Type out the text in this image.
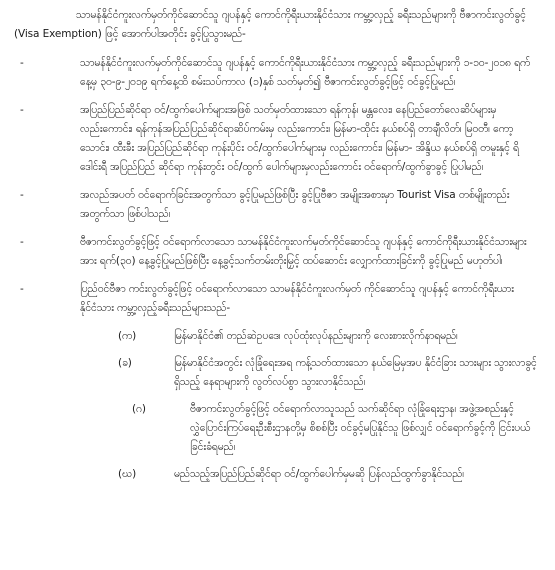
သာမန်နိုင်ငံကူးလက်မှတ်ကိုင်ဆောင်သူ ဂျပန်နှင့် ကောင်ကိုရီးယားနိုင်ငံသား ကမ္ဘာ့လှည့် ခရီးသည်များကို ဗီဇာကင်းလွတ်ခွင့် (Visa Exemption) ဖြင့် အောက်ပါအတိုင်း ခွင့်ပြုသွားမည်-

-	သာမန်နိုင်ငံကူးလက်မှတ်ကိုင်ဆောင်သူ ဂျပန်နှင့် ကောင်ကိုရီးယားနိုင်ငံသား ကမ္ဘာ့လှည့် ခရီးသည်များကို ၁-၁၀-၂၀၁၈ ရက်နေ့မှ ၃၀-၉-၂၀၁၉ ရက်နေ့ထိ စမ်းသပ်ကာလ (၁)နှစ် သတ်မှတ်၍ ဗီဇာကင်းလွတ်ခွင့်ဖြင့် ဝင်ခွင့်ပြုမည်၊
-	အပြည်ပြည်ဆိုင်ရာ ဝင်/ထွက်ပေါက်များအဖြစ် သတ်မှတ်ထားသော ရန်ကုန်၊ မန္တလေး၊ နေပြည်တော်လေဆိပ်များမှ လည်းကောင်း၊ ရန်ကုန်အပြည်ပြည်ဆိုင်ရာဆိပ်ကမ်းမှ လည်းကောင်း၊ မြန်မာ-ထိုင်း နယ်စပ်ရှိ တာချီလိတ်၊ မြဝတီ၊ ကော့သောင်း၊ ထီးခီး အပြည်ပြည်ဆိုင်ရာ ကုန်းပိုင်း ဝင်/ထွက်ပေါက်များမှ လည်းကောင်း၊ မြန်မာ- အိန္ဒိယ နယ်စပ်ရှိ တမူးနှင့် ရိဒေါင်းရီ အပြည်ပြည် ဆိုင်ရာ ကုန်းတွင်း ဝင်/ထွက် ပေါက်များမှလည်းကောင်း ဝင်ရောက်/ထွက်ခွာခွင့် ပြုပါမည်၊
-	အလည်အပတ် ဝင်ရောက်ခြင်းအတွက်သာ ခွင့်ပြုမည်ဖြစ်ပြီး ခွင့်ပြုဗီဇာ အမျိုးအစားမှာ Tourist Visa တစ်မျိုးတည်းအတွက်သာ ဖြစ်ပါသည်၊
-	ဗီဇာကင်းလွတ်ခွင့်ဖြင့် ဝင်ရောက်လာသော သာမန်နိုင်ငံကူးလက်မှတ်ကိုင်ဆောင်သူ ဂျပန်နှင့် ကောင်ကိုရီးယားနိုင်ငံသားများအား ရက်(၃၀) နေ့ခွင့်ပြုမည်ဖြစ်ပြီး နေ့ခွင့်သက်တမ်းတိုးမြှင့် ထပ်ဆောင်း လျှောက်ထားခြင်းကို ခွင့်ပြုမည် မဟုတ်ပါ၊
-	ပြည်ဝင်ဗီဇာ ကင်းလွတ်ခွင့်ဖြင့် ဝင်ရောက်လာသော သာမန်နိုင်ငံကူးလက်မှတ် ကိုင်ဆောင်သူ ဂျပန်နှင့် ကောင်ကိုရီးယားနိုင်ငံသား ကမ္ဘာ့လှည့်ခရီးသည်များသည်-
(က)	မြန်မာနိုင်ငံ၏ တည်ဆဲဥပဒေ၊ လုပ်ထုံးလုပ်နည်းများကို လေးစားလိုက်နာရမည်၊
(ခ)	မြန်မာနိုင်ငံအတွင်း လုံခြုံရေးအရ ကန့်သတ်ထားသော နယ်မြေမှအပ နိုင်ငံခြား သားများ သွားလာခွင့်ရှိသည့် နေရာများကို လွတ်လပ်စွာ သွားလာနိုင်သည်၊
(ဂ)	ဗီဇာကင်းလွတ်ခွင့်ဖြင့် ဝင်ရောက်လာသူသည် သက်ဆိုင်ရာ လုံခြုံရေးဌာန၊ အဖွဲ့အစည်းနှင့်လွှဲပြောင်းကြပ်ရေးဦးစီးဌာနတို့မှ စိစစ်ပြီး ဝင်ခွင့်မပြုနိုင်သူ ဖြစ်လျှင် ဝင်ရောက်ခွင့်ကို ငြင်းပယ်ခြင်းခံရမည်၊
(ဃ)	မည်သည့်အပြည်ပြည်ဆိုင်ရာ ဝင်/ထွက်ပေါက်မှမဆို ပြန်လည်ထွက်ခွာနိုင်သည်၊
